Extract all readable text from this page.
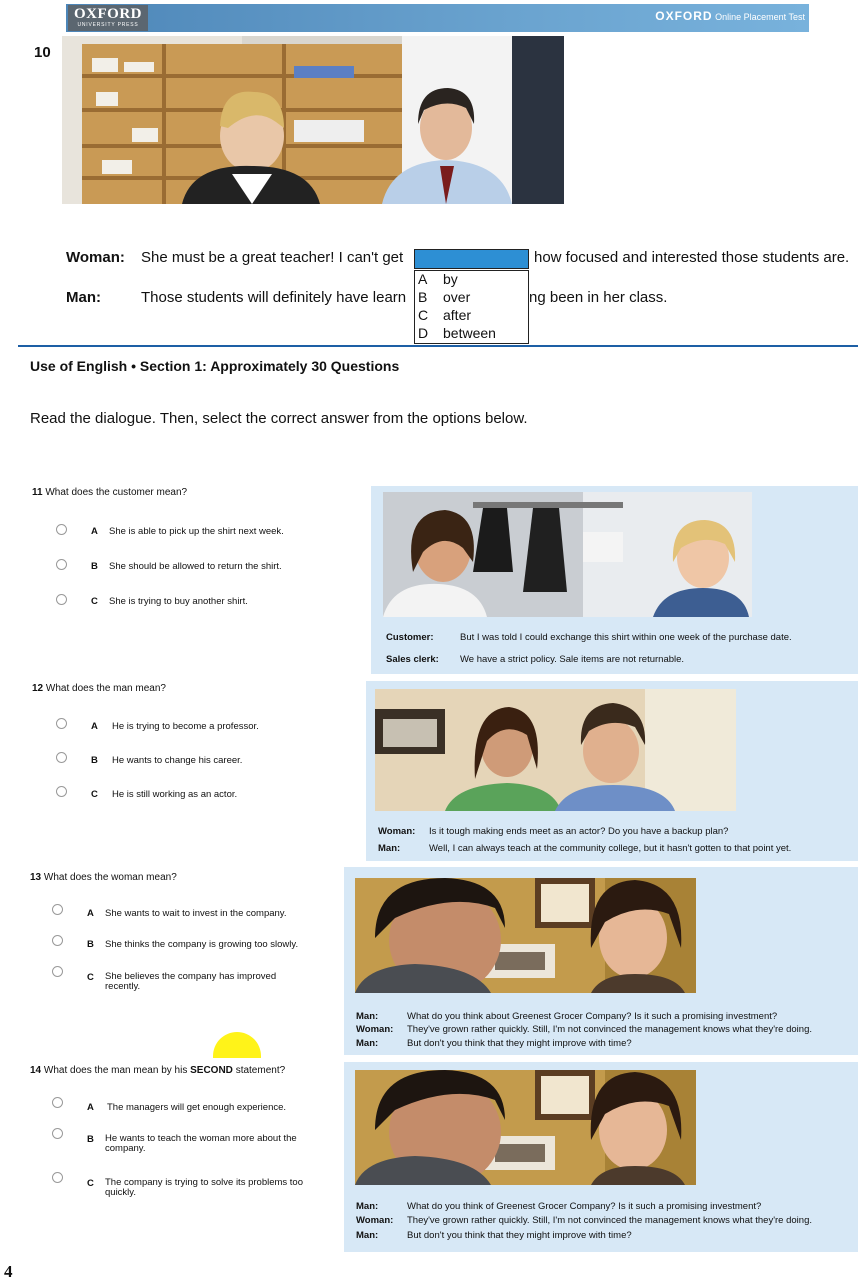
OXFORD
UNIVERSITY PRESS
OXFORD Online Placement Test
10
Woman: She must be a great teacher! I can't get	how focused and interested those students are.
Man:	Those students will definitely have learn	ng been in her class.
A by
B over
C after
D between
Use of English • Section 1: Approximately 30 Questions
Read the dialogue. Then, select the correct answer from the options below.
11 What does the customer mean?
A She is able to pick up the shirt next week.
B She should be allowed to return the shirt.
C She is trying to buy another shirt.
Customer:	But I was told I could exchange this shirt within one week of the purchase date.
Sales clerk: We have a strict policy. Sale items are not returnable.
12 What does the man mean?
A He is trying to become a professor.
B He wants to change his career.
C He is still working as an actor.
Woman: Is it tough making ends meet as an actor? Do you have a backup plan?
Man:	Well, I can always teach at the community college, but it hasn't gotten to that point yet.
13 What does the woman mean?
A She wants to wait to invest in the company.
B She thinks the company is growing too slowly.
C She believes the company has improved recently.
Man:	What do you think about Greenest Grocer Company? Is it such a promising investment?
Woman: They've grown rather quickly. Still, I'm not convinced the management knows what they're doing.
Man:	But don't you think that they might improve with time?
14 What does the man mean by his SECOND statement?
A The managers will get enough experience.
B He wants to teach the woman more about the company.
C The company is trying to solve its problems too quickly.
Man:	What do you think of Greenest Grocer Company? Is it such a promising investment?
Woman: They've grown rather quickly. Still, I'm not convinced the management knows what they're doing.
Man:	But don't you think that they might improve with time?
4
